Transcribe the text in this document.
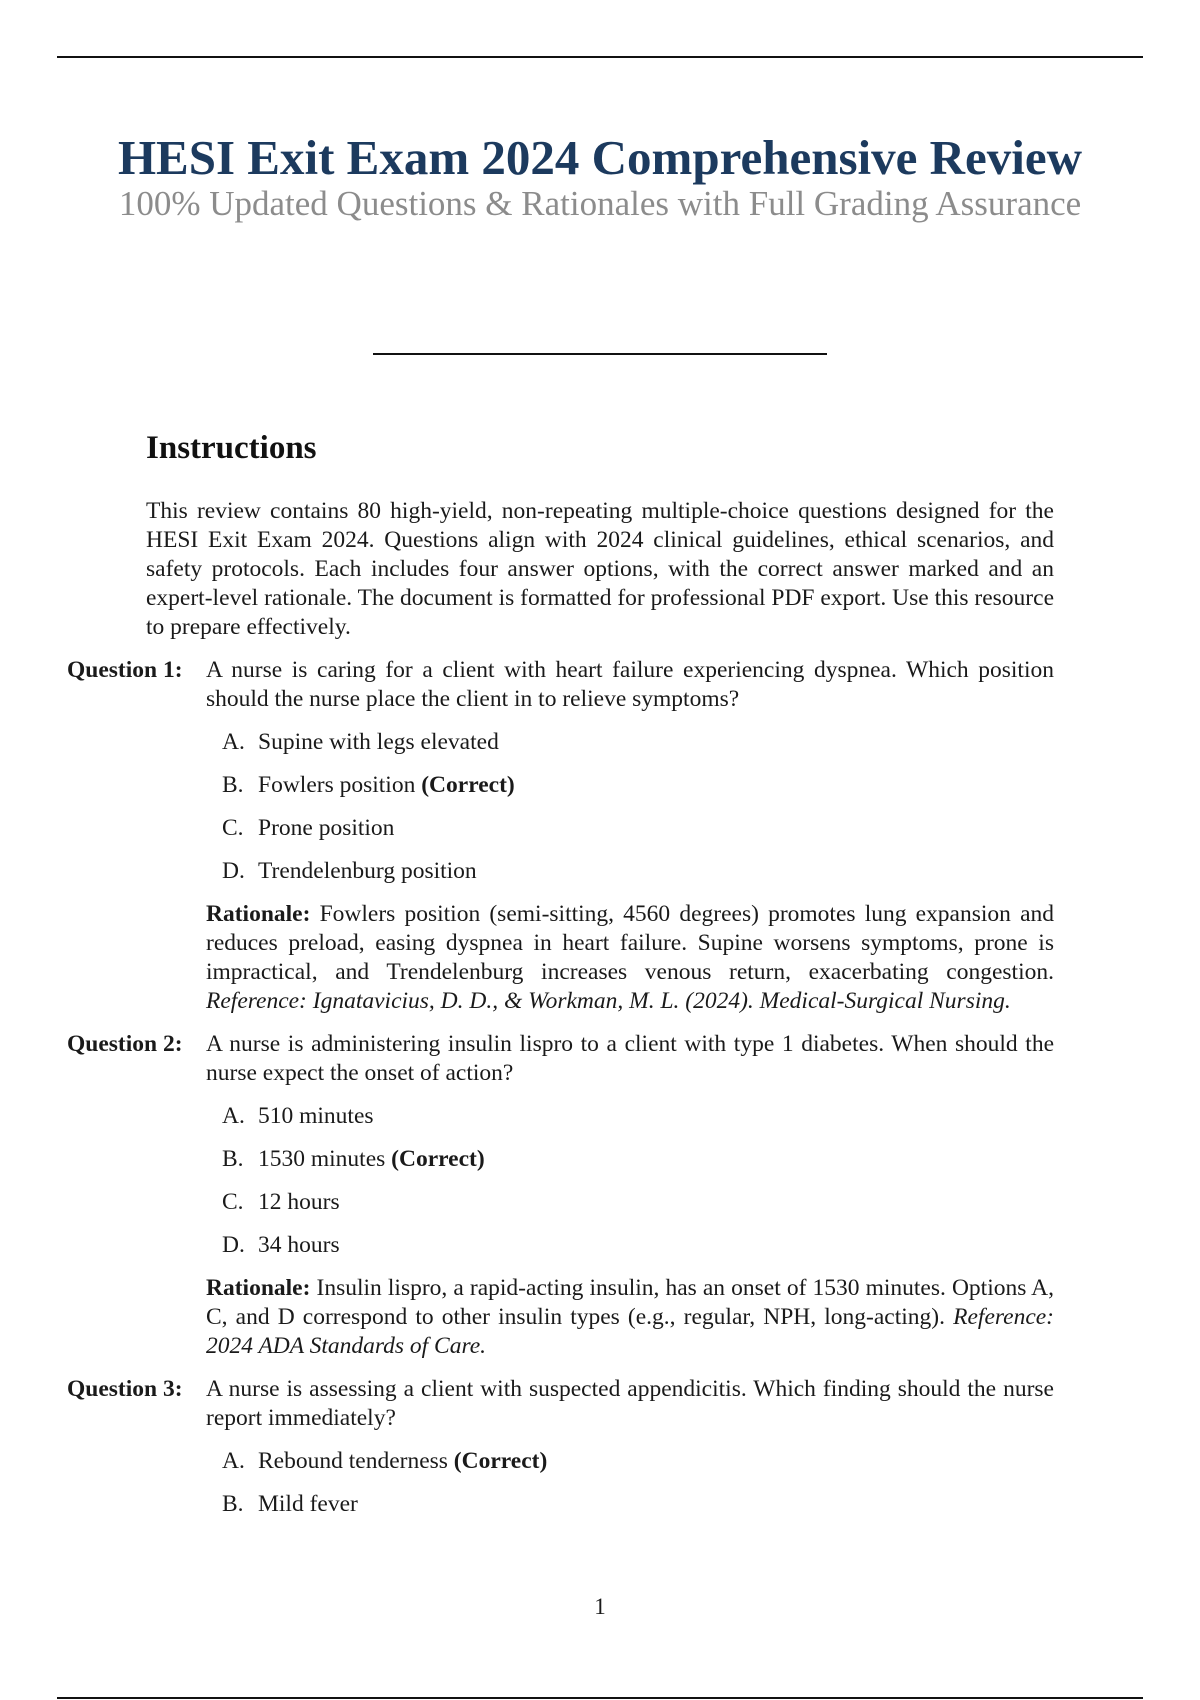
HESI Exit Exam 2024 Comprehensive Review
100% Updated Questions & Rationales with Full Grading Assurance
Instructions

This review contains 80 high-yield, non-repeating multiple-choice questions designed for the HESI Exit Exam 2024. Questions align with 2024 clinical guidelines, ethical scenarios, and safety protocols. Each includes four answer options, with the correct answer marked and an expert-level rationale. The document is formatted for professional PDF export. Use this resource to prepare effectively.

Question 1: A nurse is caring for a client with heart failure experiencing dyspnea. Which position should the nurse place the client in to relieve symptoms?
A. Supine with legs elevated
B. Fowlers position (Correct)
C. Prone position
D. Trendelenburg position
Rationale: Fowlers position (semi-sitting, 4560 degrees) promotes lung expansion and reduces preload, easing dyspnea in heart failure. Supine worsens symptoms, prone is impractical, and Trendelenburg increases venous return, exacerbating congestion. Reference: Ignatavicius, D. D., & Workman, M. L. (2024). Medical-Surgical Nursing.
Question 2: A nurse is administering insulin lispro to a client with type 1 diabetes. When should the nurse expect the onset of action?
A. 510 minutes
B. 1530 minutes (Correct)
C. 12 hours
D. 34 hours
Rationale: Insulin lispro, a rapid-acting insulin, has an onset of 1530 minutes. Options A, C, and D correspond to other insulin types (e.g., regular, NPH, long-acting). Reference: 2024 ADA Standards of Care.
Question 3: A nurse is assessing a client with suspected appendicitis. Which finding should the nurse report immediately?
A. Rebound tenderness (Correct)
B. Mild fever
1
